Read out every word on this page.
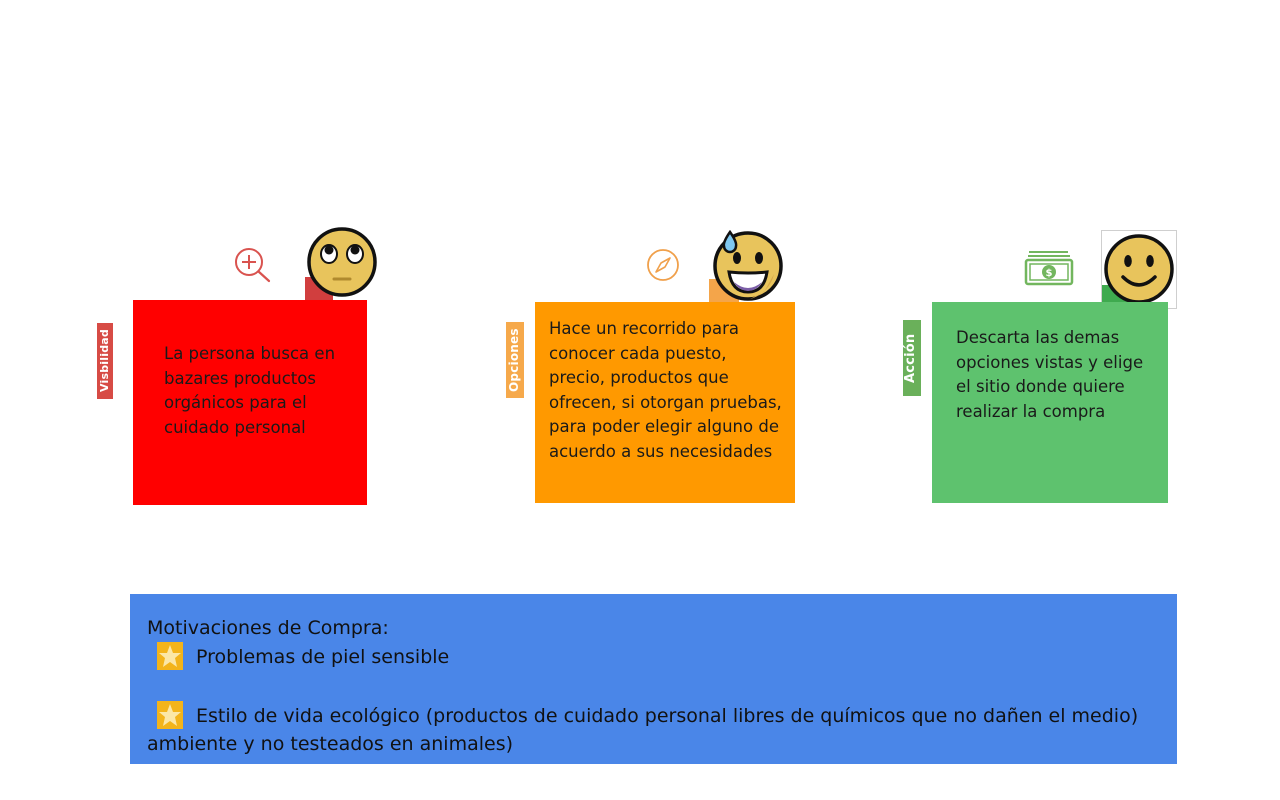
Visbilidad	La persona busca en bazares productos orgánicos para el cuidado personal
Opciones Hace un recorrido para conocer cada puesto, precio, productos que ofrecen, si otorgan pruebas, para poder elegir alguno de acuerdo a sus necesidades
$
Acción Descarta las demas opciones vistas y elige el sitio donde quiere realizar la compra
Motivaciones de Compra:
Problemas de piel sensible
Estilo de vida ecológico (productos de cuidado personal libres de químicos que no dañen el medio) ambiente y no testeados en animales)
